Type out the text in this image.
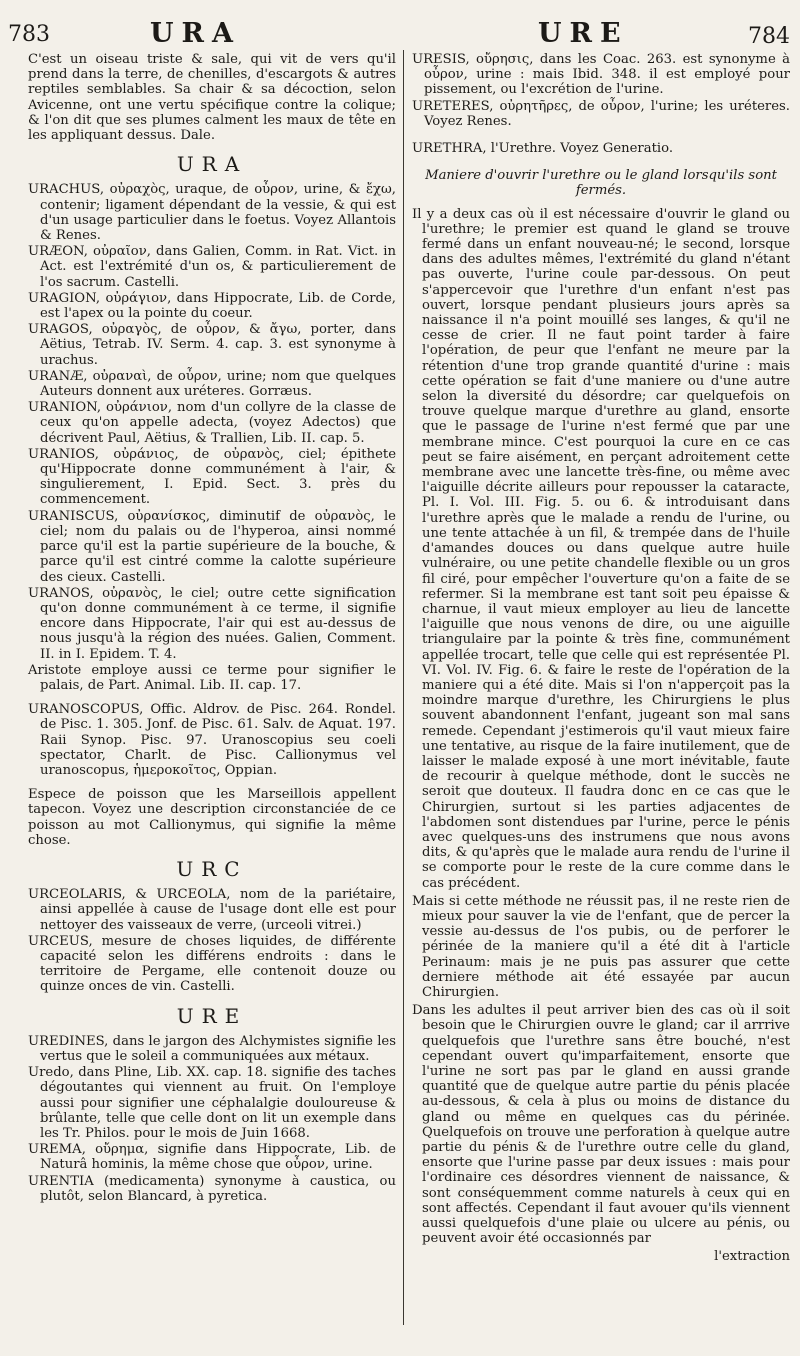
783	URA	URE	784

C'est un oiseau triste & sale, qui vit de vers qu'il prend dans la terre, de chenilles, d'escargots & autres reptiles semblables. Sa chair & sa décoction, selon Avicenne, ont une vertu spécifique contre la colique; & l'on dit que ses plumes calment les maux de tête en les appliquant dessus. Dale.

URA

URACHUS, οὐραχὸς, uraque, de οὖρον, urine, & ἔχω, contenir; ligament dépendant de la vessie, & qui est d'un usage particulier dans le foetus. Voyez Allantois & Renes.

URÆON, οὐραῖον, dans Galien, Comm. in Rat. Vict. in Act. est l'extrémité d'un os, & particulierement de l'os sacrum. Castelli.

URAGION, οὐράγιον, dans Hippocrate, Lib. de Corde, est l'apex ou la pointe du coeur.

URAGOS, οὐραγὸς, de οὖρον, & ἄγω, porter, dans Aëtius, Tetrab. IV. Serm. 4. cap. 3. est synonyme à urachus.

URANÆ, οὐραναὶ, de οὖρον, urine; nom que quelques Auteurs donnent aux uréteres. Gorræus.

URANION, οὐράνιον, nom d'un collyre de la classe de ceux qu'on appelle adecta, (voyez Adectos) que décrivent Paul, Aëtius, & Trallien, Lib. II. cap. 5.

URANIOS, οὐράνιος, de οὐρανὸς, ciel; épithete qu'Hippocrate donne communément à l'air, & singulierement, I. Epid. Sect. 3. près du commencement.

URANISCUS, οὐρανίσκος, diminutif de οὐρανὸς, le ciel; nom du palais ou de l'hyperoa, ainsi nommé parce qu'il est la partie supérieure de la bouche, & parce qu'il est cintré comme la calotte supérieure des cieux. Castelli.

URANOS, οὐρανὸς, le ciel; outre cette signification qu'on donne communément à ce terme, il signifie encore dans Hippocrate, l'air qui est au-dessus de nous jusqu'à la région des nuées. Galien, Comment. II. in I. Epidem. T. 4.

Aristote employe aussi ce terme pour signifier le palais, de Part. Animal. Lib. II. cap. 17.

URANOSCOPUS, Offic. Aldrov. de Pisc. 264. Rondel. de Pisc. 1. 305. Jonf. de Pisc. 61. Salv. de Aquat. 197. Raii Synop. Pisc. 97. Uranoscopius seu coeli spectator, Charlt. de Pisc. Callionymus vel uranoscopus, ἡμεροκοῖτος, Oppian.

Espece de poisson que les Marseillois appellent tapecon. Voyez une description circonstanciée de ce poisson au mot Callionymus, qui signifie la même chose.

URC

URCEOLARIS, & URCEOLA, nom de la pariétaire, ainsi appellée à cause de l'usage dont elle est pour nettoyer des vaisseaux de verre, (urceoli vitrei.)

URCEUS, mesure de choses liquides, de différente capacité selon les différens endroits : dans le territoire de Pergame, elle contenoit douze ou quinze onces de vin. Castelli.

URE

UREDINES, dans le jargon des Alchymistes signifie les vertus que le soleil a communiquées aux métaux.

Uredo, dans Pline, Lib. XX. cap. 18. signifie des taches dégoutantes qui viennent au fruit. On l'employe aussi pour signifier une céphalalgie douloureuse & brûlante, telle que celle dont on lit un exemple dans les Tr. Philos. pour le mois de Juin 1668.

UREMA, οὔρημα, signifie dans Hippocrate, Lib. de Naturâ hominis, la même chose que οὖρον, urine.

URENTIA (medicamenta) synonyme à caustica, ou plutôt, selon Blancard, à pyretica.

URESIS, οὔρησις, dans les Coac. 263. est synonyme à οὖρον, urine : mais Ibid. 348. il est employé pour pissement, ou l'excrétion de l'urine.

URETERES, οὐρητῆρες, de οὖρον, l'urine; les uréteres. Voyez Renes.

URETHRA, l'Urethre. Voyez Generatio.

Maniere d'ouvrir l'urethre ou le gland lorsqu'ils sont fermés.

Il y a deux cas où il est nécessaire d'ouvrir le gland ou l'urethre; le premier est quand le gland se trouve fermé dans un enfant nouveau-né; le second, lorsque dans des adultes mêmes, l'extrémité du gland n'étant pas ouverte, l'urine coule par-dessous. On peut s'appercevoir que l'urethre d'un enfant n'est pas ouvert, lorsque pendant plusieurs jours après sa naissance il n'a point mouillé ses langes, & qu'il ne cesse de crier. Il ne faut point tarder à faire l'opération, de peur que l'enfant ne meure par la rétention d'une trop grande quantité d'urine : mais cette opération se fait d'une maniere ou d'une autre selon la diversité du désordre; car quelquefois on trouve quelque marque d'urethre au gland, ensorte que le passage de l'urine n'est fermé que par une membrane mince. C'est pourquoi la cure en ce cas peut se faire aisément, en perçant adroitement cette membrane avec une lancette très-fine, ou même avec l'aiguille décrite ailleurs pour repousser la cataracte, Pl. I. Vol. III. Fig. 5. ou 6. & introduisant dans l'urethre après que le malade a rendu de l'urine, ou une tente attachée à un fil, & trempée dans de l'huile d'amandes douces ou dans quelque autre huile vulnéraire, ou une petite chandelle flexible ou un gros fil ciré, pour empêcher l'ouverture qu'on a faite de se refermer. Si la membrane est tant soit peu épaisse & charnue, il vaut mieux employer au lieu de lancette l'aiguille que nous venons de dire, ou une aiguille triangulaire par la pointe & très fine, communément appellée trocart, telle que celle qui est représentée Pl. VI. Vol. IV. Fig. 6. & faire le reste de l'opération de la maniere qui a été dite. Mais si l'on n'apperçoit pas la moindre marque d'urethre, les Chirurgiens le plus souvent abandonnent l'enfant, jugeant son mal sans remede. Cependant j'estimerois qu'il vaut mieux faire une tentative, au risque de la faire inutilement, que de laisser le malade exposé à une mort inévitable, faute de recourir à quelque méthode, dont le succès ne seroit que douteux. Il faudra donc en ce cas que le Chirurgien, surtout si les parties adjacentes de l'abdomen sont distendues par l'urine, perce le pénis avec quelques-uns des instrumens que nous avons dits, & qu'après que le malade aura rendu de l'urine il se comporte pour le reste de la cure comme dans le cas précédent.

Mais si cette méthode ne réussit pas, il ne reste rien de mieux pour sauver la vie de l'enfant, que de percer la vessie au-dessus de l'os pubis, ou de perforer le périnée de la maniere qu'il a été dit à l'article Perinaum: mais je ne puis pas assurer que cette derniere méthode ait été essayée par aucun Chirurgien.

Dans les adultes il peut arriver bien des cas où il soit besoin que le Chirurgien ouvre le gland; car il arrrive quelquefois que l'urethre sans être bouché, n'est cependant ouvert qu'imparfaitement, ensorte que l'urine ne sort pas par le gland en aussi grande quantité que de quelque autre partie du pénis placée au-dessous, & cela à plus ou moins de distance du gland ou même en quelques cas du périnée. Quelquefois on trouve une perforation à quelque autre partie du pénis & de l'urethre outre celle du gland, ensorte que l'urine passe par deux issues : mais pour l'ordinaire ces désordres viennent de naissance, & sont conséquemment comme naturels à ceux qui en sont affectés. Cependant il faut avouer qu'ils viennent aussi quelquefois d'une plaie ou ulcere au pénis, ou peuvent avoir été occasionnés par

l'extraction
